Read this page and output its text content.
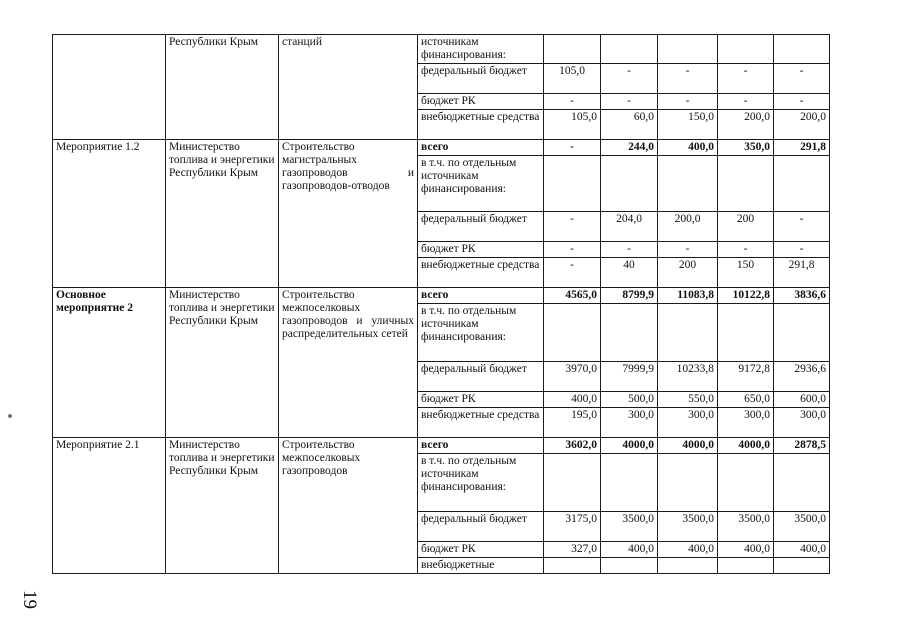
	Республики Крым	станций	источникам финансирования:					
			федеральный бюджет	105,0	-	-	-	-
			бюджет РК	-	-	-	-	-
			внебюджетные средства	105,0	60,0	150,0	200,0	200,0
Мероприятие 1.2	Министерство топлива и энергетики Республики Крым	Строительство магистральных газопроводов и газопроводов-отводов	всего	-	244,0	400,0	350,0	291,8
			в т.ч. по отдельным источникам финансирования:					
			федеральный бюджет	-	204,0	200,0	200	-
			бюджет РК	-	-	-	-	-
			внебюджетные средства	-	40	200	150	291,8
Основное мероприятие 2	Министерство топлива и энергетики Республики Крым	Строительство межпоселковых газопроводов и уличных распределительных сетей	всего	4565,0	8799,9	11083,8	10122,8	3836,6
			в т.ч. по отдельным источникам финансирования:					
			федеральный бюджет	3970,0	7999,9	10233,8	9172,8	2936,6
			бюджет РК	400,0	500,0	550,0	650,0	600,0
			внебюджетные средства	195,0	300,0	300,0	300,0	300,0
Мероприятие 2.1	Министерство топлива и энергетики Республики Крым	Строительство межпоселковых газопроводов	всего	3602,0	4000,0	4000,0	4000,0	2878,5
			в т.ч. по отдельным источникам финансирования:					
			федеральный бюджет	3175,0	3500,0	3500,0	3500,0	3500,0
			бюджет РК	327,0	400,0	400,0	400,0	400,0
			внебюджетные					
19
